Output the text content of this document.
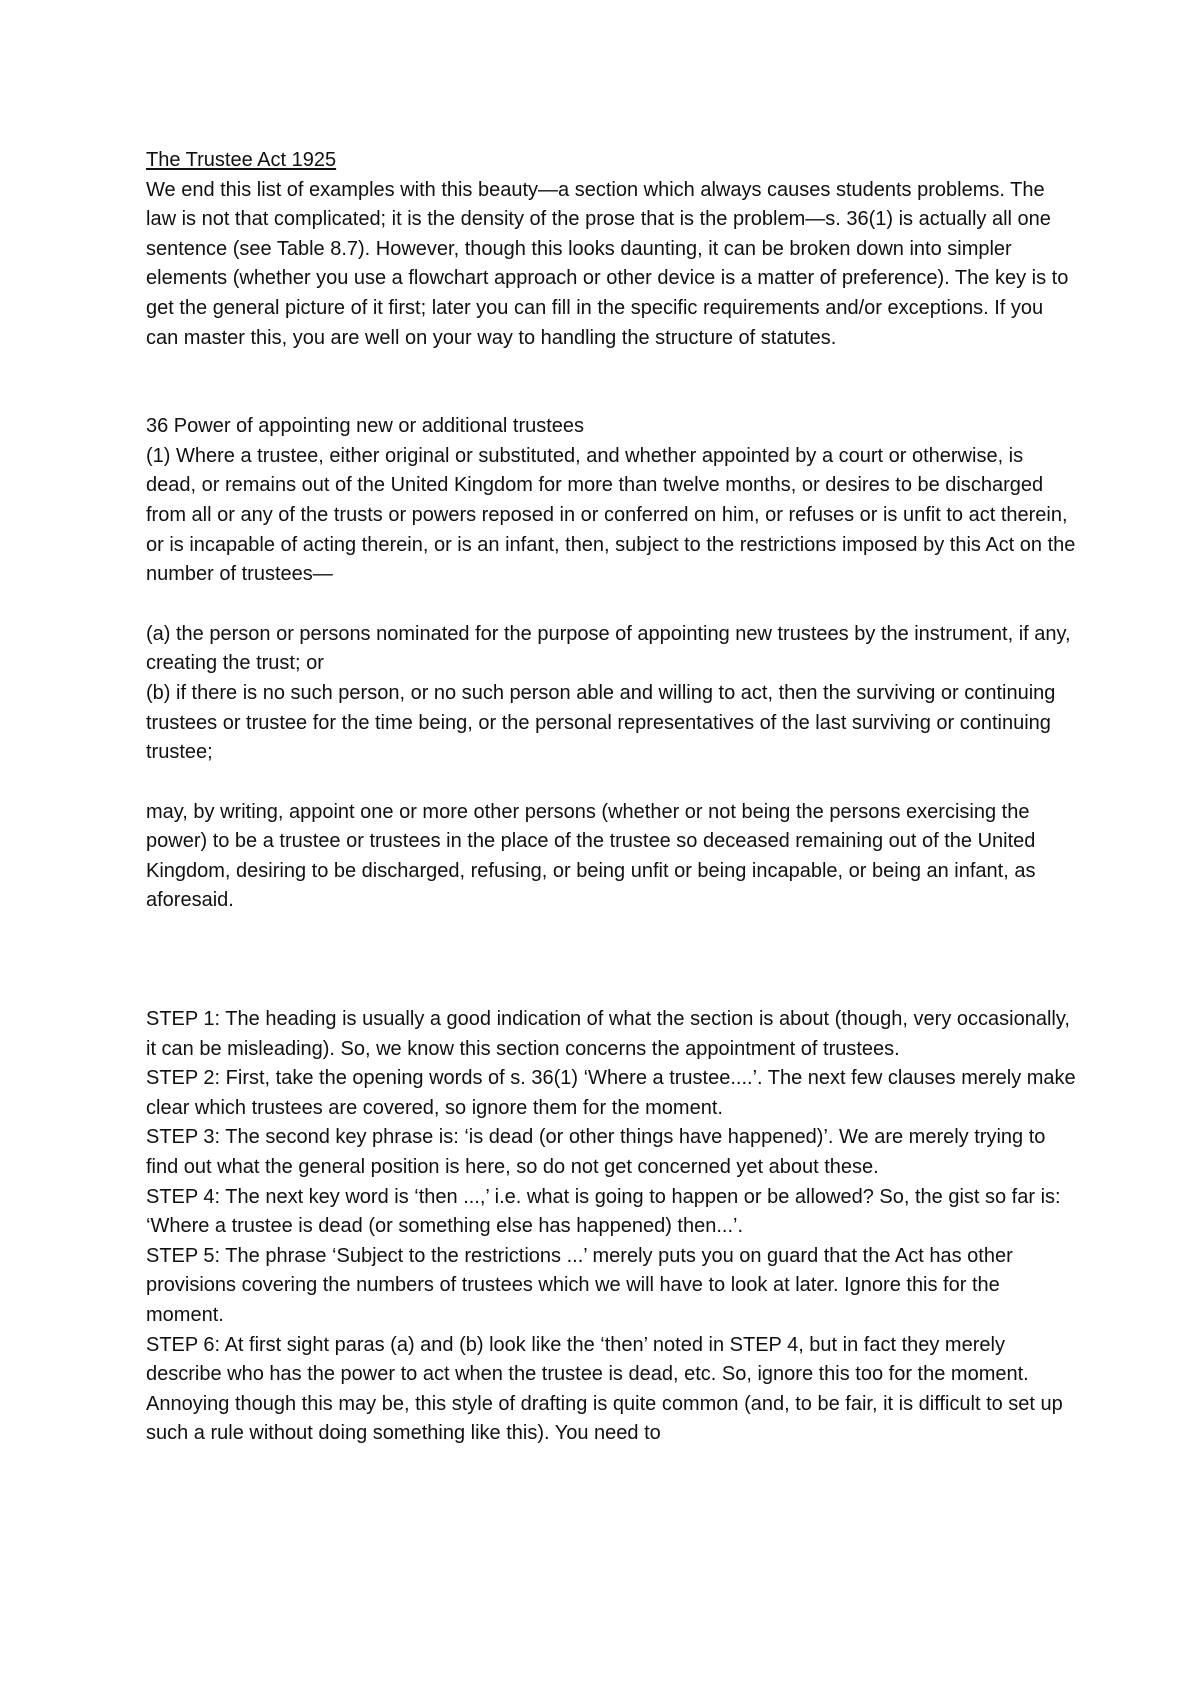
The Trustee Act 1925

We end this list of examples with this beauty—a section which always causes students problems. The law is not that complicated; it is the density of the prose that is the problem—s. 36(1) is actually all one sentence (see Table 8.7). However, though this looks daunting, it can be broken down into simpler elements (whether you use a flowchart approach or other device is a matter of preference). The key is to get the general picture of it first; later you can fill in the specific requirements and/or exceptions. If you can master this, you are well on your way to handling the structure of statutes.

36 Power of appointing new or additional trustees

(1) Where a trustee, either original or substituted, and whether appointed by a court or otherwise, is dead, or remains out of the United Kingdom for more than twelve months, or desires to be discharged from all or any of the trusts or powers reposed in or conferred on him, or refuses or is unfit to act therein, or is incapable of acting therein, or is an infant, then, subject to the restrictions imposed by this Act on the number of trustees—

(a) the person or persons nominated for the purpose of appointing new trustees by the instrument, if any, creating the trust; or

(b) if there is no such person, or no such person able and willing to act, then the surviving or continuing trustees or trustee for the time being, or the personal representatives of the last surviving or continuing trustee;

may, by writing, appoint one or more other persons (whether or not being the persons exercising the power) to be a trustee or trustees in the place of the trustee so deceased remaining out of the United Kingdom, desiring to be discharged, refusing, or being unfit or being incapable, or being an infant, as aforesaid.

STEP 1: The heading is usually a good indication of what the section is about (though, very occasionally, it can be misleading). So, we know this section concerns the appointment of trustees.

STEP 2: First, take the opening words of s. 36(1) ‘Where a trustee....’. The next few clauses merely make clear which trustees are covered, so ignore them for the moment.

STEP 3: The second key phrase is: ‘is dead (or other things have happened)’. We are merely trying to find out what the general position is here, so do not get concerned yet about these.

STEP 4: The next key word is ‘then ...,’ i.e. what is going to happen or be allowed? So, the gist so far is: ‘Where a trustee is dead (or something else has happened) then...’.

STEP 5: The phrase ‘Subject to the restrictions ...’ merely puts you on guard that the Act has other provisions covering the numbers of trustees which we will have to look at later. Ignore this for the moment.

STEP 6: At first sight paras (a) and (b) look like the ‘then’ noted in STEP 4, but in fact they merely describe who has the power to act when the trustee is dead, etc. So, ignore this too for the moment. Annoying though this may be, this style of drafting is quite common (and, to be fair, it is difficult to set up such a rule without doing something like this). You need to
